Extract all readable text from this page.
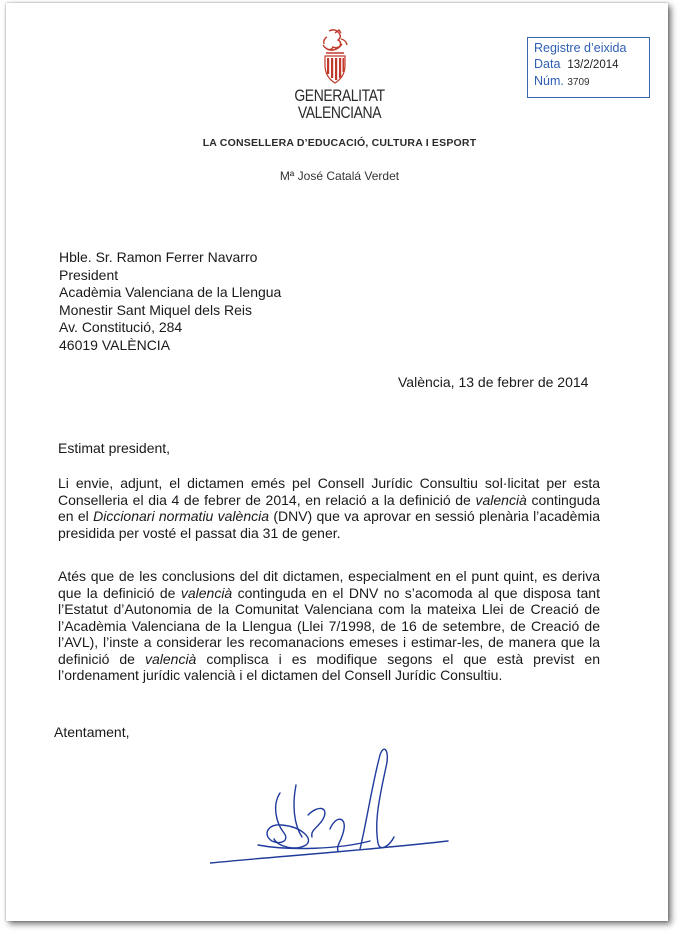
GENERALITAT
VALENCIANA
LA CONSELLERA D’EDUCACIÓ, CULTURA I ESPORT
Mª José Catalá Verdet
Registre d’eixida
Data 13/2/2014
Núm. 3709
Hble. Sr. Ramon Ferrer Navarro
President
Acadèmia Valenciana de la Llengua
Monestir Sant Miquel dels Reis
Av. Constitució, 284
46019 VALÈNCIA
València, 13 de febrer de 2014
Estimat president,
Li envie, adjunt, el dictamen emés pel Consell Jurídic Consultiu sol·licitat per esta Conselleria el dia 4 de febrer de 2014, en relació a la definició de valencià continguda en el Diccionari normatiu valència (DNV) que va aprovar en sessió plenària l’acadèmia presidida per vosté el passat dia 31 de gener.
Atés que de les conclusions del dit dictamen, especialment en el punt quint, es deriva que la definició de valencià continguda en el DNV no s’acomoda al que disposa tant l’Estatut d’Autonomia de la Comunitat Valenciana com la mateixa Llei de Creació de l’Acadèmia Valenciana de la Llengua (Llei 7/1998, de 16 de setembre, de Creació de l’AVL), l’inste a considerar les recomanacions emeses i estimar-les, de manera que la definició de valencià complisca i es modifique segons el que està previst en l’ordenament jurídic valencià i el dictamen del Consell Jurídic Consultiu.
Atentament,
